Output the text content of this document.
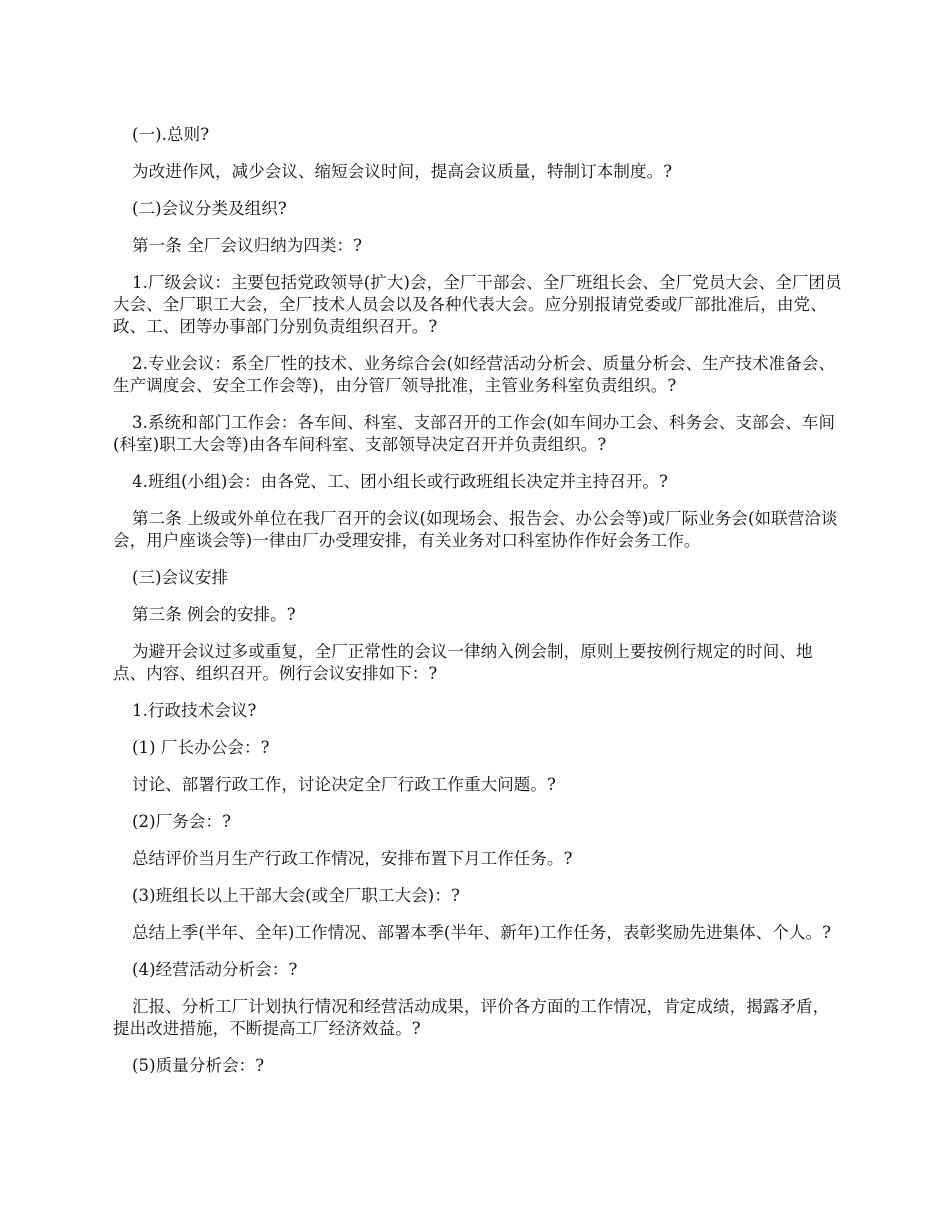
(一).总则?

为改进作风，减少会议、缩短会议时间，提高会议质量，特制订本制度。?

(二)会议分类及组织?

第一条 全厂会议归纳为四类：?

1.厂级会议：主要包括党政领导(扩大)会，全厂干部会、全厂班组长会、全厂党员大会、全厂团员大会、全厂职工大会，全厂技术人员会以及各种代表大会。应分别报请党委或厂部批准后，由党、政、工、团等办事部门分别负责组织召开。?

2.专业会议：系全厂性的技术、业务综合会(如经营活动分析会、质量分析会、生产技术准备会、生产调度会、安全工作会等)，由分管厂领导批准，主管业务科室负责组织。?

3.系统和部门工作会：各车间、科室、支部召开的工作会(如车间办工会、科务会、支部会、车间(科室)职工大会等)由各车间科室、支部领导决定召开并负责组织。?

4.班组(小组)会：由各党、工、团小组长或行政班组长决定并主持召开。?

第二条 上级或外单位在我厂召开的会议(如现场会、报告会、办公会等)或厂际业务会(如联营洽谈会，用户座谈会等)一律由厂办受理安排，有关业务对口科室协作作好会务工作。

(三)会议安排

第三条 例会的安排。?

为避开会议过多或重复，全厂正常性的会议一律纳入例会制，原则上要按例行规定的时间、地点、内容、组织召开。例行会议安排如下：?

1.行政技术会议?

(1) 厂长办公会：?

讨论、部署行政工作，讨论决定全厂行政工作重大问题。?

(2)厂务会：?

总结评价当月生产行政工作情况，安排布置下月工作任务。?

(3)班组长以上干部大会(或全厂职工大会)：?

总结上季(半年、全年)工作情况、部署本季(半年、新年)工作任务，表彰奖励先进集体、个人。?

(4)经营活动分析会：?

汇报、分析工厂计划执行情况和经营活动成果，评价各方面的工作情况，肯定成绩，揭露矛盾，提出改进措施，不断提高工厂经济效益。?

(5)质量分析会：?
